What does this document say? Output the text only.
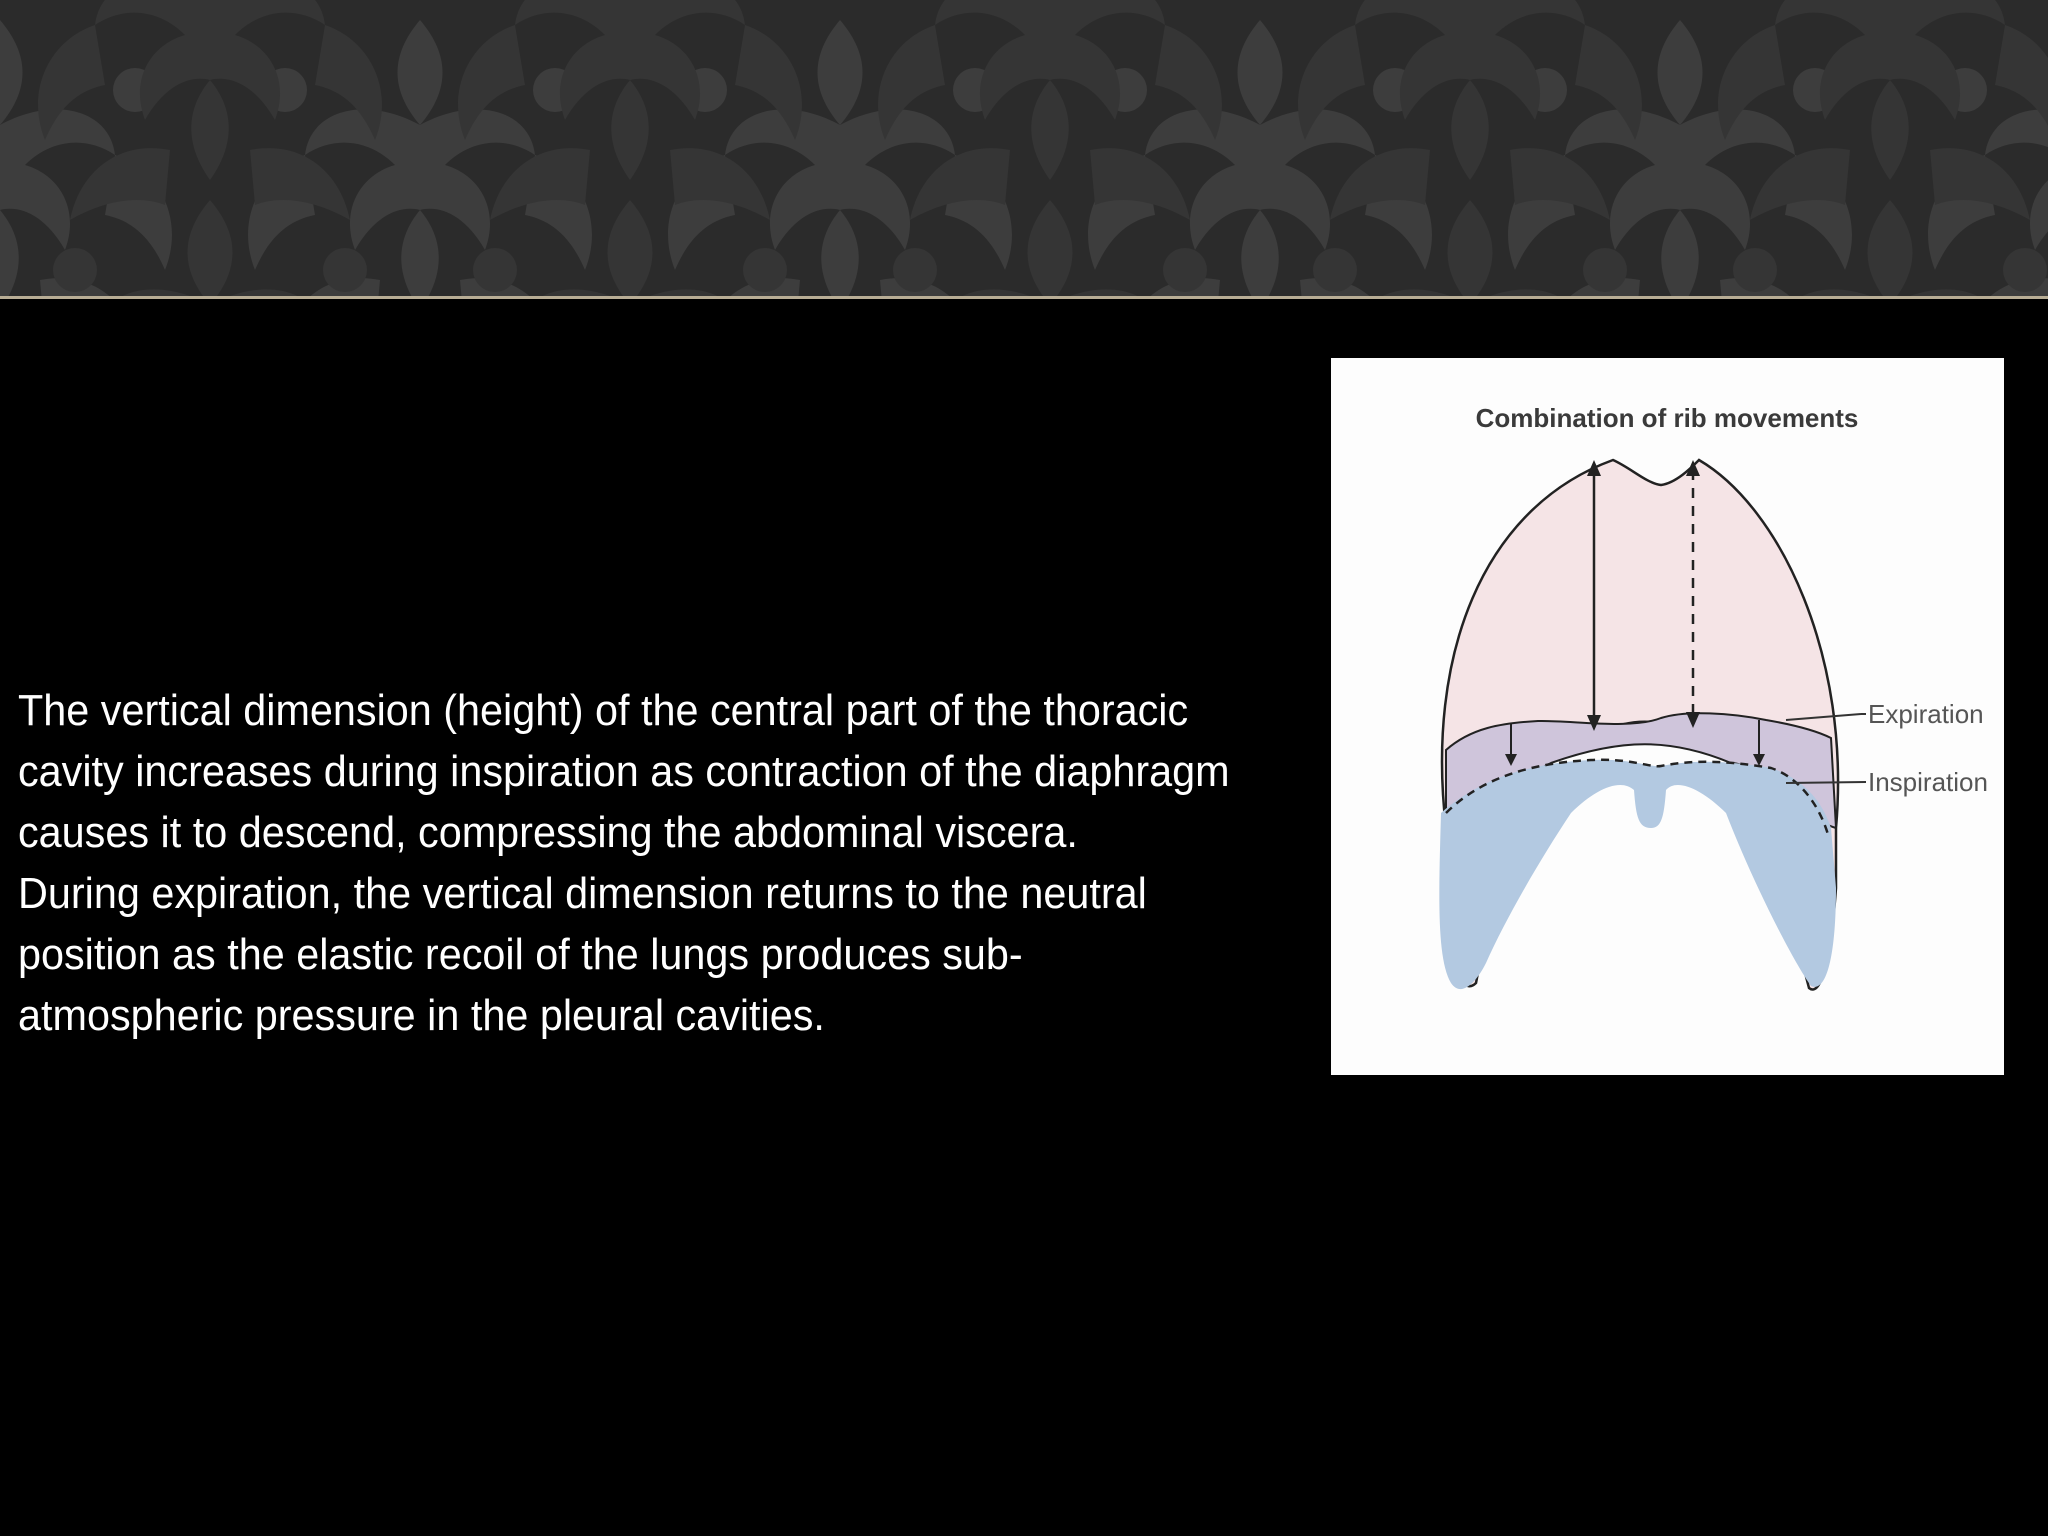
The vertical dimension (height) of the central part of the thoracic cavity increases during inspiration as contraction of the diaphragm causes it to descend, compressing the abdominal viscera.

During expiration, the vertical dimension returns to the neutral position as the elastic recoil of the lungs produces sub-atmospheric pressure in the pleural cavities.

Combination of rib movements
Expiration
Inspiration
